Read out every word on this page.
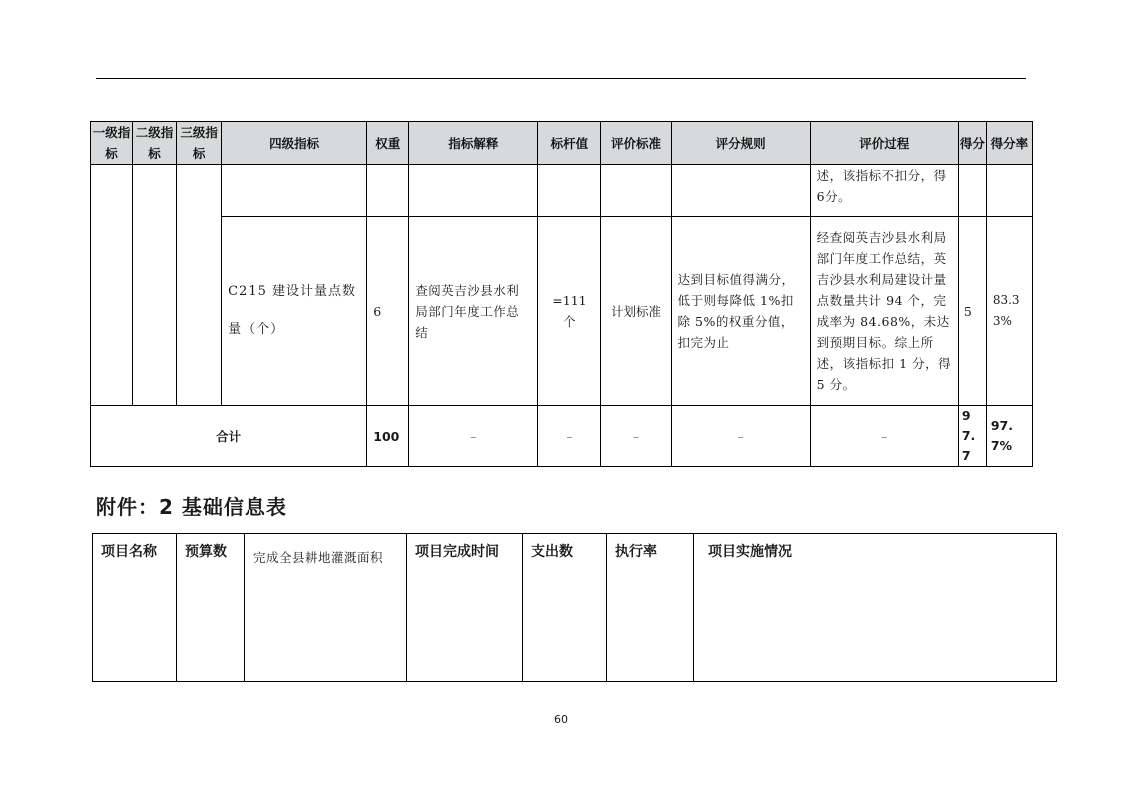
一级指标	二级指标	三级指标	四级指标	权重	指标解释	标杆值	评价标准	评分规则	评价过程	得分	得分率
									述，该指标不扣分，得6分。		
			C215 建设计量点数量（个）	6	查阅英吉沙县水利局部门年度工作总结	=111 个	计划标准	达到目标值得满分，低于则每降低 1%扣除 5%的权重分值，扣完为止	经查阅英吉沙县水利局部门年度工作总结，英吉沙县水利局建设计量点数量共计 94 个，完成率为 84.68%，未达到预期目标。综上所述，该指标扣 1 分，得5 分。	5	83.33%
合计				100	–	–	–	–	–	97.7	97.7%
附件：2 基础信息表
项目名称	预算数	完成全县耕地灌溉面积	项目完成时间	支出数	执行率	项目实施情况
60
